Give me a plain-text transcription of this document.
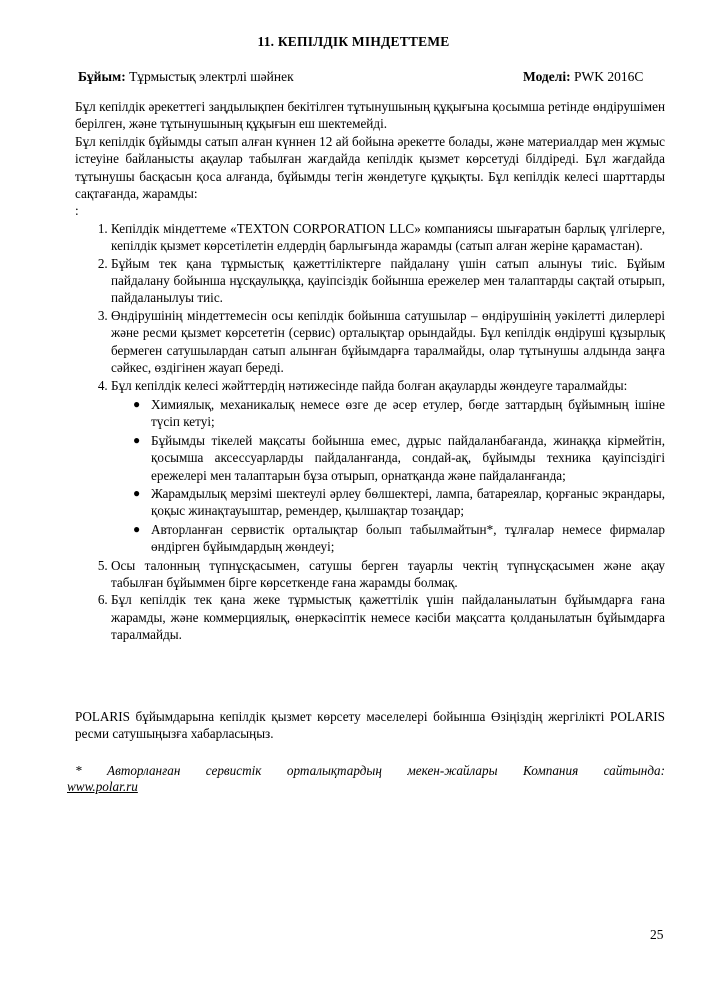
11. КЕПІЛДІК МІНДЕТТЕМЕ
Бұйым: Тұрмыстық электрлі шәйнек	Моделі: PWK 2016C

Бұл кепілдік әрекеттегі заңдылықпен бекітілген тұтынушының құқығына қосымша ретінде өндірушімен берілген, және тұтынушының құқығын еш шектемейді.

Бұл кепілдік бұйымды сатып алған күннен 12 ай бойына әрекетте болады, және материалдар мен жұмыс істеуіне байланысты ақаулар табылған жағдайда кепілдік қызмет көрсетуді білдіреді. Бұл жағдайда тұтынушы басқасын қоса алғанда, бұйымды тегін жөндетуге құқықты. Бұл кепілдік келесі шарттарды сақтағанда, жарамды:

:

1. Кепілдік міндеттеме «TEXTON CORPORATION LLC» компаниясы шығаратын барлық үлгілерге, кепілдік қызмет көрсетілетін елдердің барлығында жарамды (сатып алған жеріне қарамастан).
2. Бұйым тек қана тұрмыстық қажеттіліктерге пайдалану үшін сатып алынуы тиіс. Бұйым пайдалану бойынша нұсқаулыққа, қауіпсіздік бойынша ережелер мен талаптарды сақтай отырып, пайдаланылуы тиіс.
3. Өндірушінің міндеттемесін осы кепілдік бойынша сатушылар – өндірушінің уәкілетті дилерлері және ресми қызмет көрсететін (сервис) орталықтар орындайды. Бұл кепілдік өндіруші құзырлық бермеген сатушылардан сатып алынған бұйымдарға таралмайды, олар тұтынушы алдында заңға сәйкес, өздігінен жауап береді.
4. Бұл кепілдік келесі жәйттердің нәтижесінде пайда болған ақауларды жөндеуге таралмайды:
● Химиялық, механикалық немесе өзге де әсер етулер, бөгде заттардың бұйымның ішіне түсіп кетуі;
● Бұйымды тікелей мақсаты бойынша емес, дұрыс пайдаланбағанда, жинаққа кірмейтін, қосымша аксессуарларды пайдаланғанда, сондай-ақ, бұйымды техника қауіпсіздігі ережелері мен талаптарын бұза отырып, орнатқанда және пайдаланғанда;
● Жарамдылық мерзімі шектеулі әрлеу бөлшектері, лампа, батареялар, қорғаныс экрандары, қоқыс жинақтауыштар, ремендер, қылшақтар тозаңдар;
● Авторланған сервистік орталықтар болып табылмайтын*, тұлғалар немесе фирмалар өндірген бұйымдардың жөндеуі;
5. Осы талонның түпнұсқасымен, сатушы берген тауарлы чектің түпнұсқасымен және ақау табылған бұйыммен бірге көрсеткенде ғана жарамды болмақ.
6. Бұл кепілдік тек қана жеке тұрмыстық қажеттілік үшін пайдаланылатын бұйымдарға ғана жарамды, және коммерциялық, өнеркәсіптік немесе кәсіби мақсатта қолданылатын бұйымдарға таралмайды.
POLARIS бұйымдарына кепілдік қызмет көрсету мәселелері бойынша Өзіңіздің жергілікті POLARIS ресми сатушыңызға хабарласыңыз.
* Авторланған сервистік орталықтардың мекен-жайлары Компания сайтында:
www.polar.ru
25
